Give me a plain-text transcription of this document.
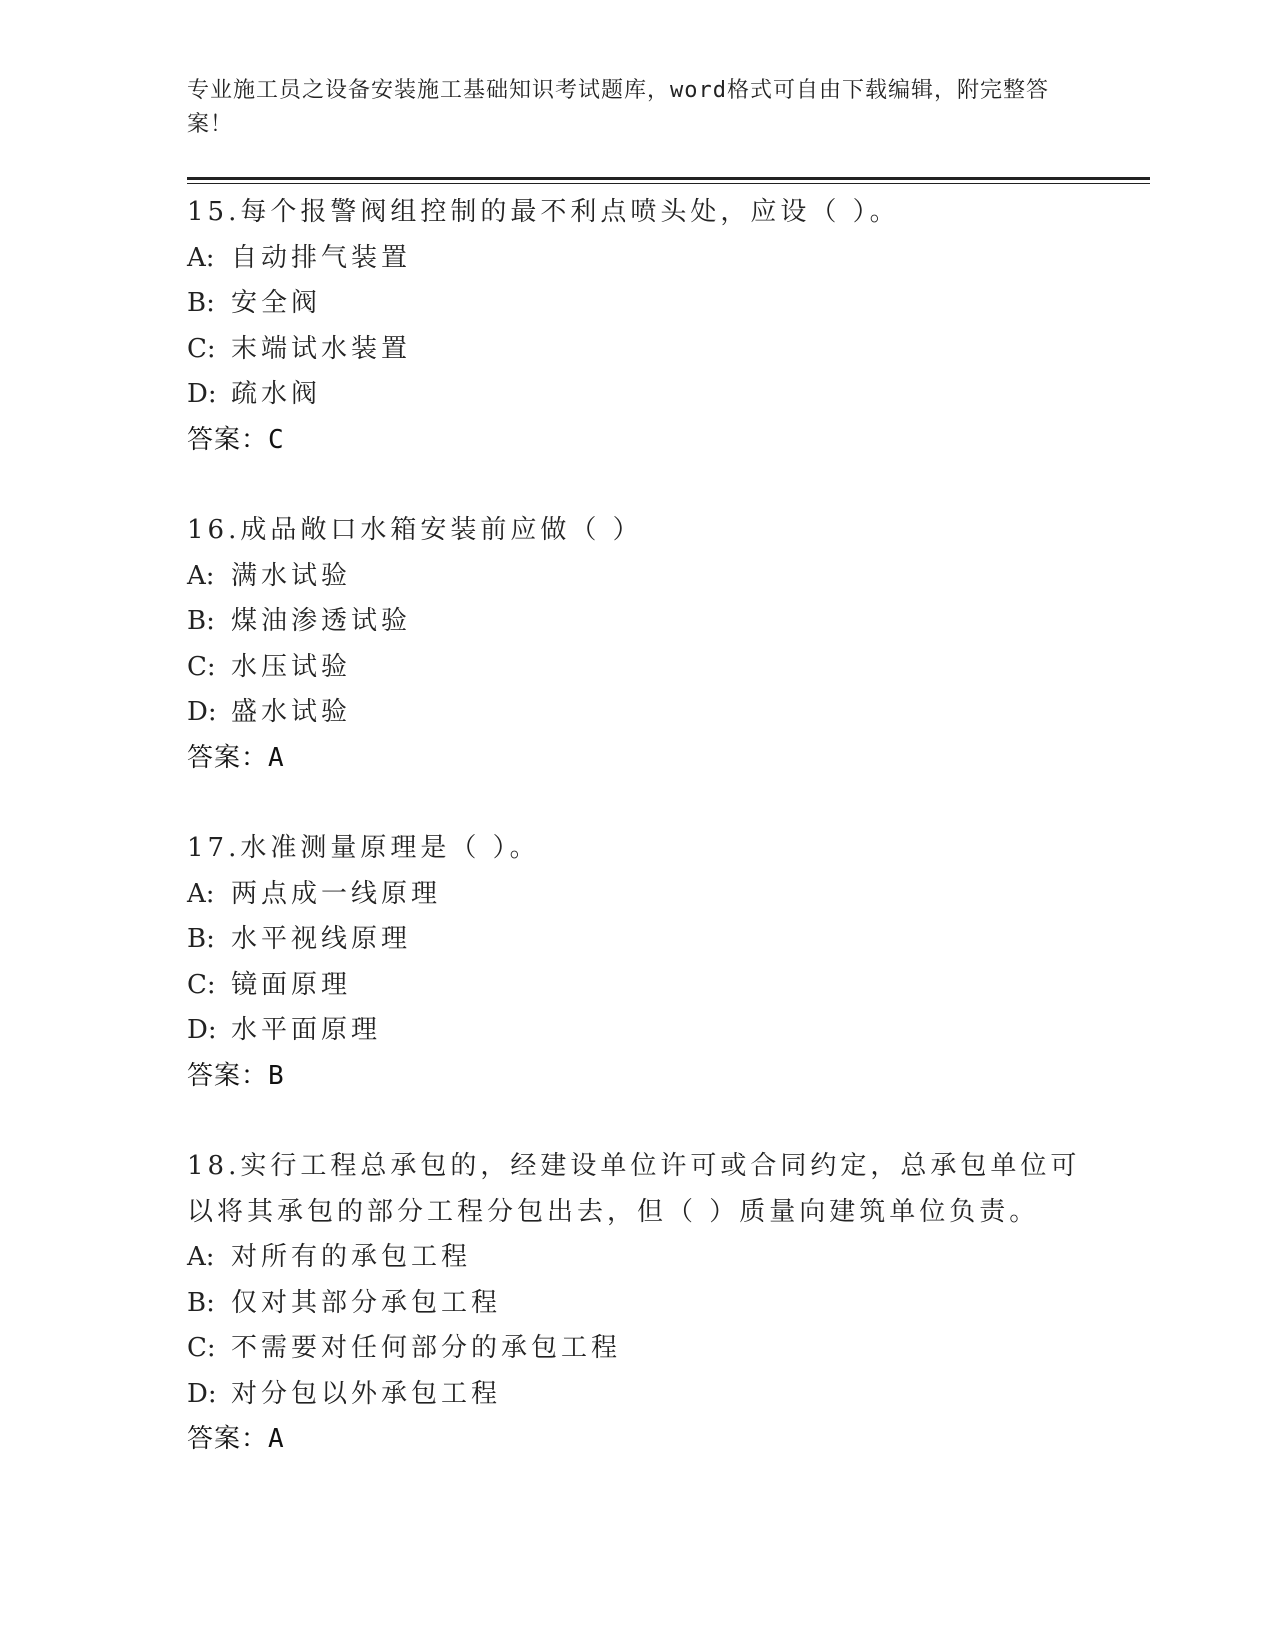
专业施工员之设备安装施工基础知识考试题库，word格式可自由下载编辑，附完整答案！
15.每个报警阀组控制的最不利点喷头处，应设（ ）。
A: 自动排气装置
B: 安全阀
C: 末端试水装置
D: 疏水阀
答案：C
16.成品敞口水箱安装前应做（ ）
A: 满水试验
B: 煤油渗透试验
C: 水压试验
D: 盛水试验
答案：A
17.水准测量原理是（ ）。
A: 两点成一线原理
B: 水平视线原理
C: 镜面原理
D: 水平面原理
答案：B
18.实行工程总承包的，经建设单位许可或合同约定，总承包单位可以将其承包的部分工程分包出去，但（ ）质量向建筑单位负责。
A: 对所有的承包工程
B: 仅对其部分承包工程
C: 不需要对任何部分的承包工程
D: 对分包以外承包工程
答案：A
